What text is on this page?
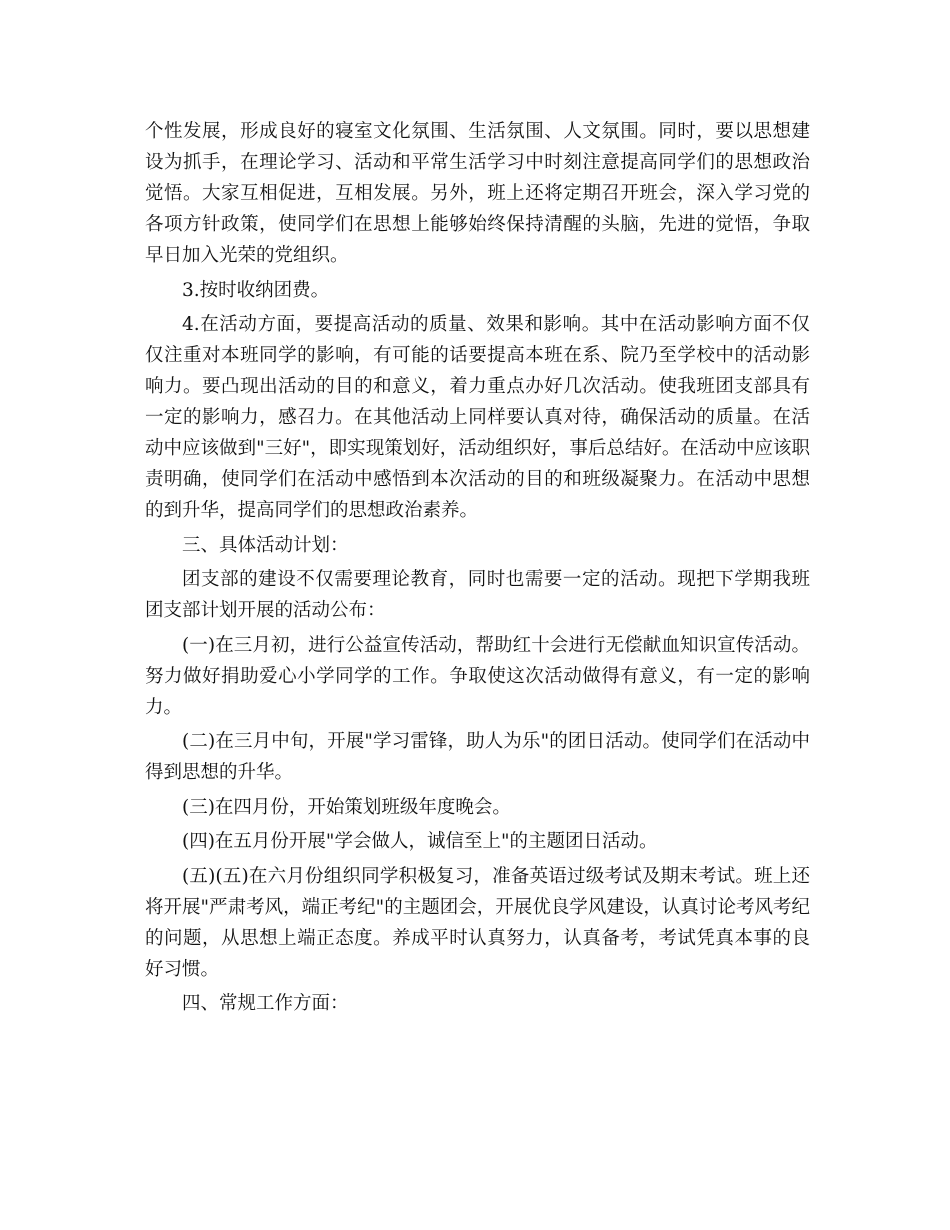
个性发展，形成良好的寝室文化氛围、生活氛围、人文氛围。同时，要以思想建设为抓手，在理论学习、活动和平常生活学习中时刻注意提高同学们的思想政治觉悟。大家互相促进，互相发展。另外，班上还将定期召开班会，深入学习党的各项方针政策，使同学们在思想上能够始终保持清醒的头脑，先进的觉悟，争取早日加入光荣的党组织。

3.按时收纳团费。

4.在活动方面，要提高活动的质量、效果和影响。其中在活动影响方面不仅仅注重对本班同学的影响，有可能的话要提高本班在系、院乃至学校中的活动影响力。要凸现出活动的目的和意义，着力重点办好几次活动。使我班团支部具有一定的影响力，感召力。在其他活动上同样要认真对待，确保活动的质量。在活动中应该做到"三好"，即实现策划好，活动组织好，事后总结好。在活动中应该职责明确，使同学们在活动中感悟到本次活动的目的和班级凝聚力。在活动中思想的到升华，提高同学们的思想政治素养。

三、具体活动计划：

团支部的建设不仅需要理论教育，同时也需要一定的活动。现把下学期我班团支部计划开展的活动公布：

(一)在三月初，进行公益宣传活动，帮助红十会进行无偿献血知识宣传活动。努力做好捐助爱心小学同学的工作。争取使这次活动做得有意义，有一定的影响力。

(二)在三月中旬，开展"学习雷锋，助人为乐"的团日活动。使同学们在活动中得到思想的升华。

(三)在四月份，开始策划班级年度晚会。

(四)在五月份开展"学会做人，诚信至上"的主题团日活动。

(五)(五)在六月份组织同学积极复习，准备英语过级考试及期末考试。班上还将开展"严肃考风，端正考纪"的主题团会，开展优良学风建设，认真讨论考风考纪的问题，从思想上端正态度。养成平时认真努力，认真备考，考试凭真本事的良好习惯。

四、常规工作方面：
